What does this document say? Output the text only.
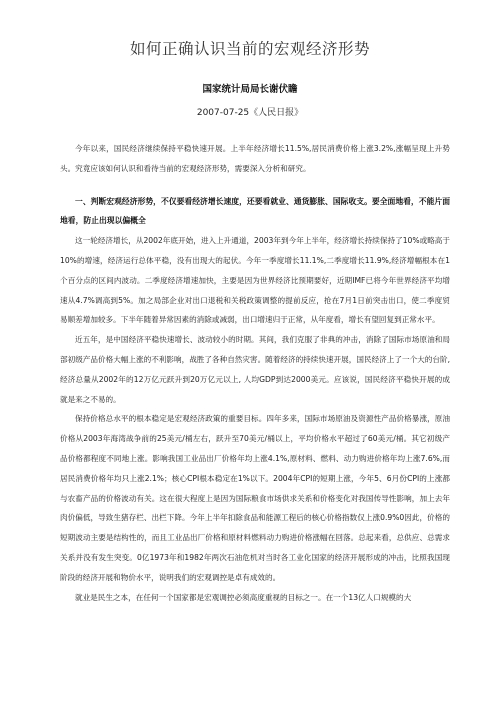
如何正确认识当前的宏观经济形势
国家统计局局长谢伏瞻
2007-07-25《人民日报》

今年以来，国民经济继续保持平稳快速开展。上半年经济增长11.5%,居民消费价格上涨3.2%,涨幅呈现上升势头。究竟应该如何认识和看待当前的宏观经济形势，需要深入分析和研究。

一、判断宏观经济形势，不仅要看经济增长速度，还要看就业、通货膨胀、国际收支。要全面地看，不能片面地看，防止出现以偏概全

这一轮经济增长，从2002年底开始，进入上升通道，2003年到今年上半年，经济增长持续保持了10%或略高于10%的增速，经济运行总体平稳，没有出现大的起伏。今年一季度增长11.1%,二季度增长11.9%,经济增幅根本在1个百分点的区间内波动。二季度经济增速加快，主要是因为世界经济比预期要好，近期IMF已将今年世界经济平均增速从4.7%调高到5%。加之局部企业对出口退税和关税政策调整的提前反应，抢在7月1日前突击出口，使二季度贸易顺差增加较多。下半年随着异常因素的消除或减弱，出口增速归于正常，从年度看，增长有望回复到正常水平。

近五年，是中国经济平稳快速增长、波动较小的时期。其间，我们克服了非典的冲击，消除了国际市场原油和局部初级产品价格大幅上涨的不利影响，战胜了各种自然灾害。随着经济的持续快速开展，国民经济上了一个大的台阶,经济总量从2002年的12万亿元跃升到20万亿元以上, 人均GDP到达2000美元。应该说，国民经济平稳快开展的成就是来之不易的。

保持价格总水平的根本稳定是宏观经济政策的重要目标。四年多来，国际市场原油及资源性产品价格暴涨，原油价格从2003年海湾战争前的25美元/桶左右，跃升至70美元/桶以上，平均价格水平超过了60美元/桶。其它初级产品价格都程度不同地上涨。影响我国工业品出厂价格年均上涨4.1%,原材料、燃料、动力购进价格年均上涨7.6%,而居民消费价格年均只上涨2.1%；核心CPI根本稳定在1%以下。2004年CPI的短期上涨，今年5、6月份CPI的上涨都与农畜产品的价格波动有关。这在很大程度上是因为国际粮食市场供求关系和价格变化对我国传导性影响，加上去年肉价偏低，导致生猪存栏、出栏下降。今年上半年扣除食品和能源工程后的核心价格指数仅上涨0.9%0因此，价格的短期波动主要是结构性的，而且工业品出厂价格和原材料燃料动力购进价格涨幅在回落。总起来看，总供应、总需求关系并没有发生突变。0亿1973年和1982年两次石油危机对当时各工业化国家的经济开展形成的冲击，比照我国现阶段的经济开展和物价水平，说明我们的宏观调控是卓有成效的。

就业是民生之本，在任何一个国家都是宏观调控必须高度重视的目标之一。在一个13亿人口规模的大
